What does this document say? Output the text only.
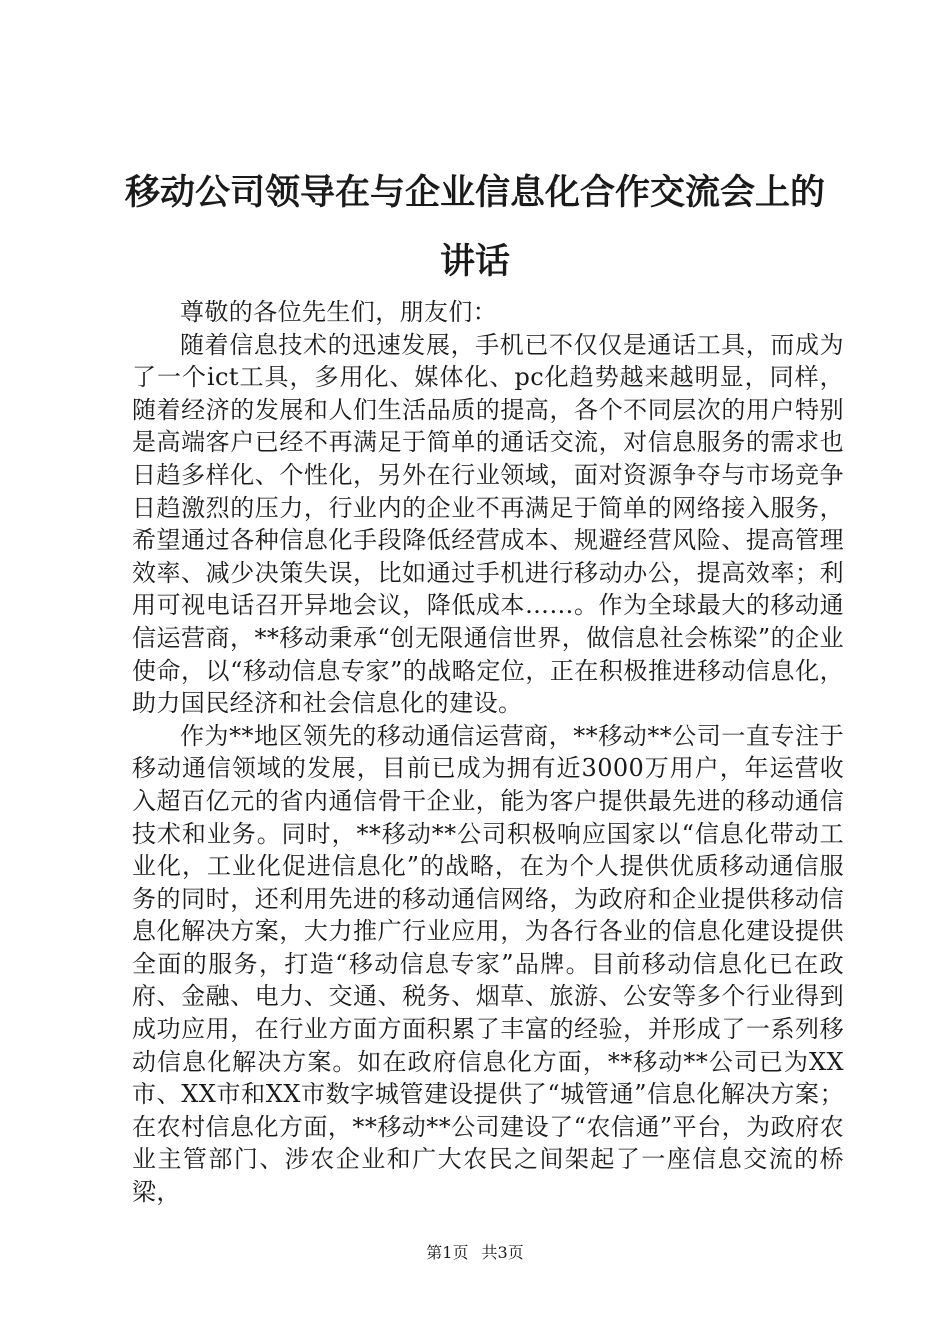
移动公司领导在与企业信息化合作交流会上的讲话

尊敬的各位先生们，朋友们：

随着信息技术的迅速发展，手机已不仅仅是通话工具，而成为了一个ict工具，多用化、媒体化、pc化趋势越来越明显，同样，随着经济的发展和人们生活品质的提高，各个不同层次的用户特别是高端客户已经不再满足于简单的通话交流，对信息服务的需求也日趋多样化、个性化，另外在行业领域，面对资源争夺与市场竞争日趋激烈的压力，行业内的企业不再满足于简单的网络接入服务，希望通过各种信息化手段降低经营成本、规避经营风险、提高管理效率、减少决策失误，比如通过手机进行移动办公，提高效率；利用可视电话召开异地会议，降低成本……。作为全球最大的移动通信运营商，**移动秉承“创无限通信世界，做信息社会栋梁”的企业使命，以“移动信息专家”的战略定位，正在积极推进移动信息化，助力国民经济和社会信息化的建设。

作为**地区领先的移动通信运营商，**移动**公司一直专注于移动通信领域的发展，目前已成为拥有近3000万用户，年运营收入超百亿元的省内通信骨干企业，能为客户提供最先进的移动通信技术和业务。同时，**移动**公司积极响应国家以“信息化带动工业化，工业化促进信息化”的战略，在为个人提供优质移动通信服务的同时，还利用先进的移动通信网络，为政府和企业提供移动信息化解决方案，大力推广行业应用，为各行各业的信息化建设提供全面的服务，打造“移动信息专家”品牌。目前移动信息化已在政府、金融、电力、交通、税务、烟草、旅游、公安等多个行业得到成功应用，在行业方面方面积累了丰富的经验，并形成了一系列移动信息化解决方案。如在政府信息化方面，**移动**公司已为XX市、XX市和XX市数字城管建设提供了“城管通”信息化解决方案；在农村信息化方面，**移动**公司建设了“农信通”平台，为政府农业主管部门、涉农企业和广大农民之间架起了一座信息交流的桥梁，

第1页 共3页
